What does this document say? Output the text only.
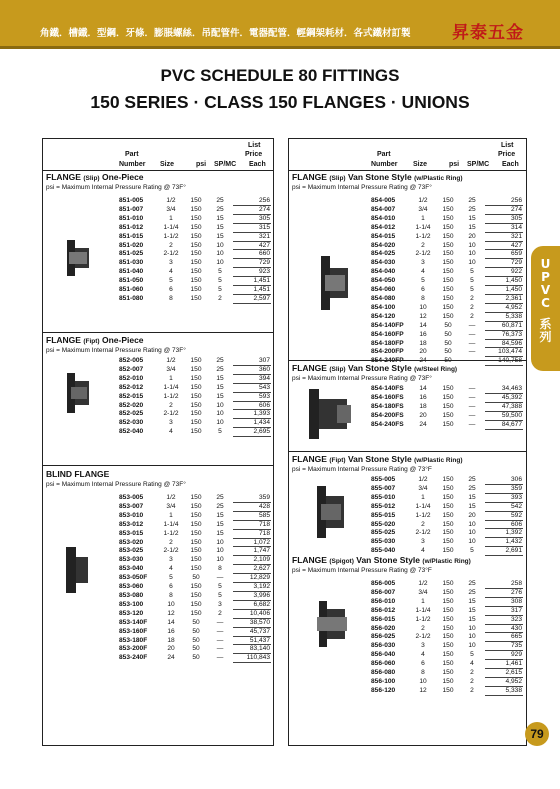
角鐵．槽鐵．型鋼．牙條．膨脹螺絲．吊配管件．電器配管．輕鋼架耗材．各式鐵材訂製 昇泰五金
PVC SCHEDULE 80 FITTINGS
150 SERIES · CLASS 150 FLANGES · UNIONS
U
P
V
C
系
列
List
Part	Price
Number Size	psi SP/MC Each
FLANGE (Slip) One-Piece
psi = Maximum Internal Pressure Rating @ 73F°
851-005	1/2	150	25	256
851-007	3/4	150	25	274
851-010	1	150	15	305
851-012	1-1/4	150	15	315
851-015	1-1/2	150	15	321
851-020	2	150	10	427
851-025	2-1/2	150	10	660
851-030	3	150	10	729
851-040	4	150	5	923
851-050	5	150	5	1,451
851-060	6	150	5	1,451
851-080	8	150	2	2,597
FLANGE (Fipt) One-Piece
psi = Maximum Internal Pressure Rating @ 73F°
852-005	1/2	150	25	307
852-007	3/4	150	25	360
852-010	1	150	15	394
852-012	1-1/4	150	15	543
852-015	1-1/2	150	15	593
852-020	2	150	10	606
852-025	2-1/2	150	10	1,393
852-030	3	150	10	1,434
852-040	4	150	5	2,695
BLIND FLANGE
psi = Maximum Internal Pressure Rating @ 73F°
853-005	1/2	150	25	359
853-007	3/4	150	25	428
853-010	1	150	15	585
853-012	1-1/4	150	15	718
853-015	1-1/2	150	15	718
853-020	2	150	10	1,072
853-025	2-1/2	150	10	1,747
853-030	3	150	10	2,109
853-040	4	150	8	2,627
853-050F	5	50	—	12,829
853-060	6	150	5	3,192
853-080	8	150	5	3,996
853-100	10	150	3	6,682
853-120	12	150	2	10,406
853-140F	14	50	—	38,570
853-160F	16	50	—	45,737
853-180F	18	50	—	51,437
853-200F	20	50	—	83,140
853-240F	24	50	—	110,843
List
Part	Price
Number Size	psi SP/MC Each
FLANGE (Slip) Van Stone Style (w/Plastic Ring)
psi = Maximum Internal Pressure Rating @ 73F°
854-005	1/2	150	25	256
854-007	3/4	150	25	274
854-010	1	150	15	305
854-012	1-1/4	150	15	314
854-015	1-1/2	150	20	321
854-020	2	150	10	427
854-025	2-1/2	150	10	659
854-030	3	150	10	729
854-040	4	150	5	922
854-050	5	150	5	1,450
854-060	6	150	5	1,450
854-080	8	150	2	2,361
854-100	10	150	2	4,952
854-120	12	150	2	5,338
854-140FP	14	50	—	60,871
854-160FP	16	50	—	76,373
854-180FP	18	50	—	84,596
854-200FP	20	50	—	103,474
854-240FP	24	50	—	140,758
FLANGE (Slip) Van Stone Style (w/Steel Ring)
psi = Maximum Internal Pressure Rating @ 73F°
854-140FS	14	150	—	34,463
854-160FS	16	150	—	45,392
854-180FS	18	150	—	47,388
854-200FS	20	150	—	59,500
854-240FS	24	150	—	84,677
FLANGE (Fipt) Van Stone Style (w/Plastic Ring)
psi = Maximum Internal Pressure Rating @ 73°F
855-005	1/2	150	25	306
855-007	3/4	150	25	359
855-010	1	150	15	393
855-012	1-1/4	150	15	542
855-015	1-1/2	150	20	592
855-020	2	150	10	606
855-025	2-1/2	150	10	1,392
855-030	3	150	10	1,432
855-040	4	150	5	2,691
FLANGE (Spigot) Van Stone Style (w/Plastic Ring)
psi = Maximum Internal Pressure Rating @ 73°F
856-005	1/2	150	25	258
856-007	3/4	150	25	276
856-010	1	150	15	308
856-012	1-1/4	150	15	317
856-015	1-1/2	150	15	323
856-020	2	150	10	430
856-025	2-1/2	150	10	665
856-030	3	150	10	735
856-040	4	150	5	929
856-060	6	150	4	1,461
856-080	8	150	2	2,615
856-100	10	150	2	4,952
856-120	12	150	2	5,338
79
